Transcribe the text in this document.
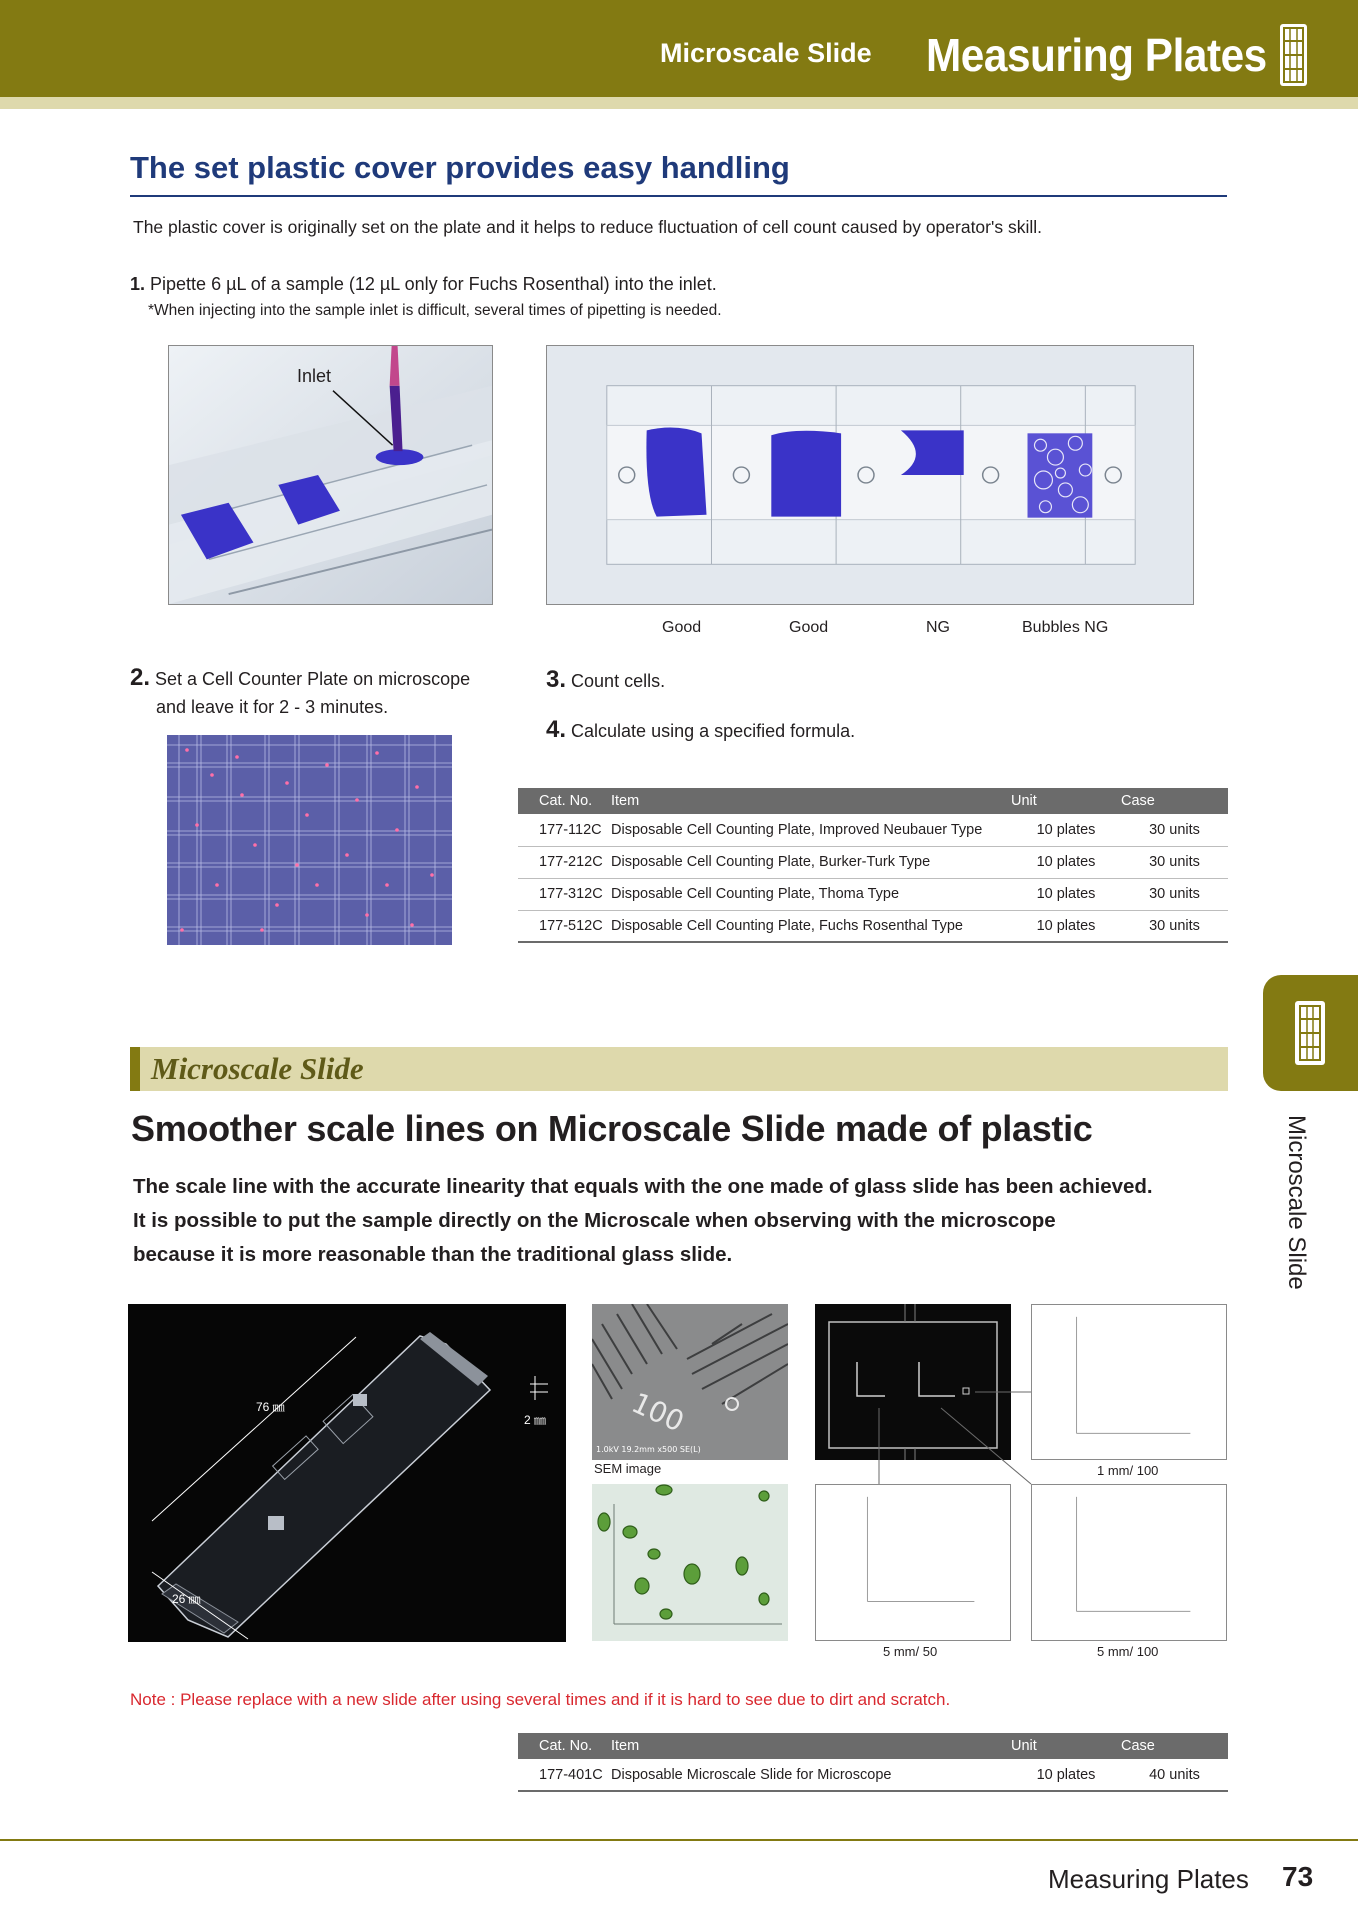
Microscale Slide Measuring Plates
The set plastic cover provides easy handling
The plastic cover is originally set on the plate and it helps to reduce fluctuation of cell count caused by operator's skill.
1. Pipette 6 µL of a sample (12 µL only for Fuchs Rosenthal) into the inlet.
*When injecting into the sample inlet is difficult, several times of pipetting is needed.
Inlet
Good	Good	NG	Bubbles NG
2. Set a Cell Counter Plate on microscope
and leave it for 2 - 3 minutes.
3. Count cells.
4. Calculate using a specified formula.
Cat. No.	Item	Unit	Case
177-112C	Disposable Cell Counting Plate, Improved Neubauer Type	10 plates	30 units
177-212C	Disposable Cell Counting Plate, Burker-Turk Type	10 plates	30 units
177-312C	Disposable Cell Counting Plate, Thoma Type	10 plates	30 units
177-512C	Disposable Cell Counting Plate, Fuchs Rosenthal Type	10 plates	30 units
Microscale Slide
Microscale Slide
Smoother scale lines on Microscale Slide made of plastic
The scale line with the accurate linearity that equals with the one made of glass slide has been achieved.
It is possible to put the sample directly on the Microscale when observing with the microscope
because it is more reasonable than the traditional glass slide.
76 ㎜
2 ㎜
26 ㎜
100
1.0kV 19.2mm x500 SE(L)
SEM image	1 mm/ 100
5 mm/ 50	5 mm/ 100
Note : Please replace with a new slide after using several times and if it is hard to see due to dirt and scratch.
Cat. No.	Item	Unit	Case
177-401C	Disposable Microscale Slide for Microscope	10 plates	40 units
Measuring Plates 73
